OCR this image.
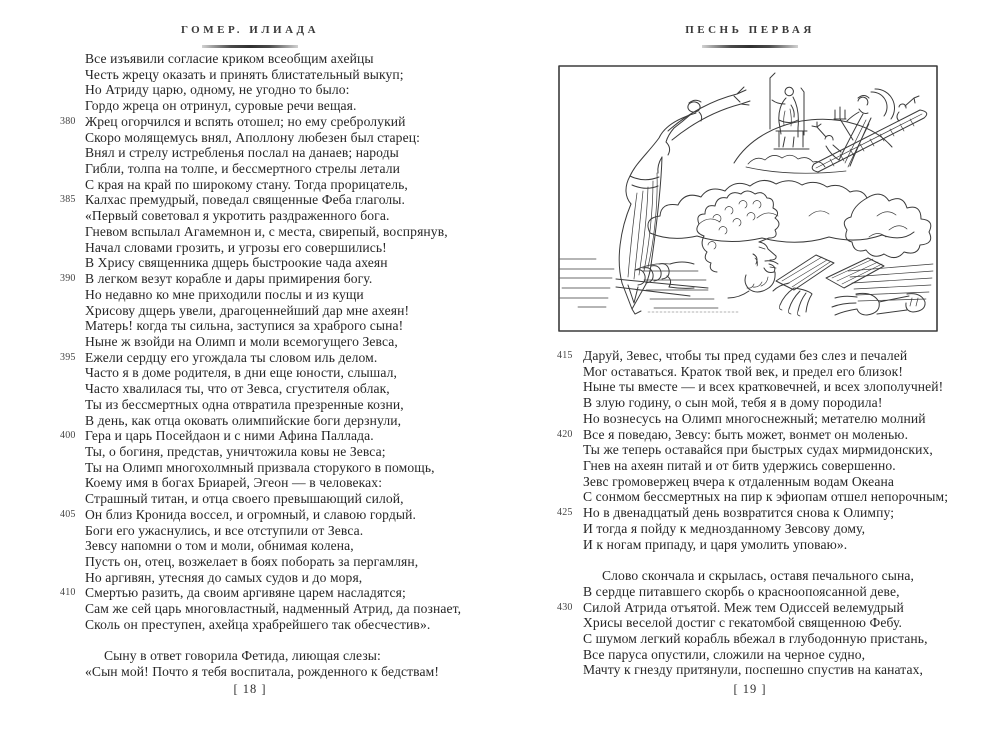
ГОМЕР. ИЛИАДА
Все изъявили согласие криком всеобщим ахейцы
Честь жрецу оказать и принять блистательный выкуп;
Но Атриду царю, одному, не угодно то было:
Гордо жреца он отринул, суровые речи вещая.
380 Жрец огорчился и вспять отошел; но ему сребролукий
Скоро молящемусь внял, Аполлону любезен был старец:
Внял и стрелу истребленья послал на данаев; народы
Гибли, толпа на толпе, и бессмертного стрелы летали
С края на край по широкому стану. Тогда прорицатель,
385 Калхас премудрый, поведал священные Феба глаголы.
«Первый советовал я укротить раздраженного бога.
Гневом вспылал Агамемнон и, с места, свирепый, воспрянув,
Начал словами грозить, и угрозы его совершились!
В Хрису священника дщерь быстроокие чада ахеян
390 В легком везут корабле и дары примирения богу.
Но недавно ко мне приходили послы и из кущи
Хрисову дщерь увели, драгоценнейший дар мне ахеян!
Матерь! когда ты сильна, заступися за храброго сына!
Ныне ж взойди на Олимп и моли всемогущего Зевса,
395 Ежели сердцу его угождала ты словом иль делом.
Часто я в доме родителя, в дни еще юности, слышал,
Часто хвалилася ты, что от Зевса, сгустителя облак,
Ты из бессмертных одна отвратила презренные козни,
В день, как отца оковать олимпийские боги дерзнули,
400 Гера и царь Посейдаон и с ними Афина Паллада.
Ты, о богиня, представ, уничтожила ковы не Зевса;
Ты на Олимп многохолмный призвала сторукого в помощь,
Коему имя в богах Бриарей, Эгеон — в человеках:
Страшный титан, и отца своего превышающий силой,
405 Он близ Кронида воссел, и огромный, и славою гордый.
Боги его ужаснулись, и все отступили от Зевса.
Зевсу напомни о том и моли, обнимая колена,
Пусть он, отец, возжелает в боях поборать за пергамлян,
Но аргивян, утесняя до самых судов и до моря,
410 Смертью разить, да своим аргивяне царем насладятся;
Сам же сей царь многовластный, надменный Атрид, да познает,
Сколь он преступен, ахейца храбрейшего так обесчестив».
Сыну в ответ говорила Фетида, лиющая слезы:
«Сын мой! Почто я тебя воспитала, рожденного к бедствам!
[ 18 ]
ПЕСНЬ ПЕРВАЯ
415 Даруй, Зевес, чтобы ты пред судами без слез и печалей
Мог оставаться. Краток твой век, и предел его близок!
Ныне ты вместе — и всех кратковечней, и всех злополучней!
В злую годину, о сын мой, тебя я в дому породила!
Но вознесусь на Олимп многоснежный; метателю молний
420 Все я поведаю, Зевсу: быть может, вонмет он моленью.
Ты же теперь оставайся при быстрых судах мирмидонских,
Гнев на ахеян питай и от битв удержись совершенно.
Зевс громовержец вчера к отдаленным водам Океана
С сонмом бессмертных на пир к эфиопам отшел непорочным;
425 Но в двенадцатый день возвратится снова к Олимпу;
И тогда я пойду к меднозданному Зевсову дому,
И к ногам припаду, и царя умолить уповаю».
Слово скончала и скрылась, оставя печального сына,
В сердце питавшего скорбь о красноопоясанной деве,
430 Силой Атрида отъятой. Меж тем Одиссей велемудрый
Хрисы веселой достиг с гекатомбой священною Фебу.
С шумом легкий корабль вбежал в глубодонную пристань,
Все паруса опустили, сложили на черное судно,
Мачту к гнезду притянули, поспешно спустив на канатах,
[ 19 ]
